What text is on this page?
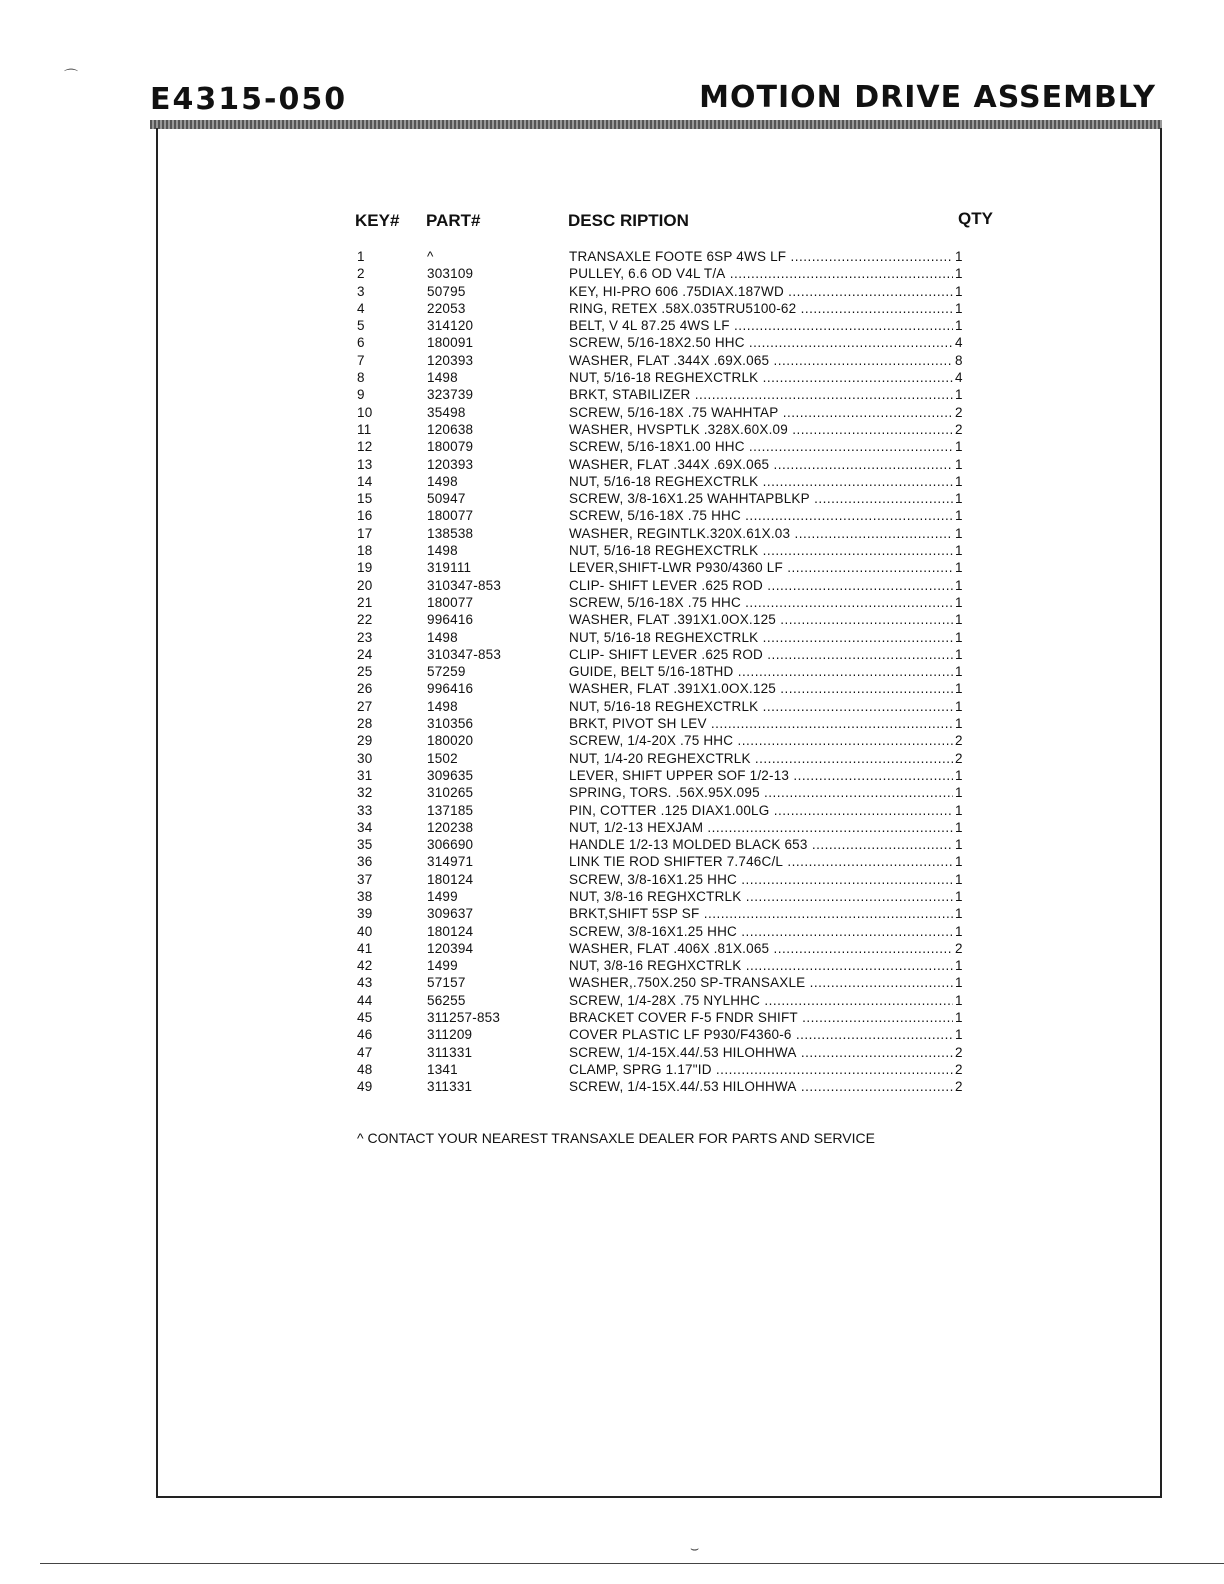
E4315-050	MOTION DRIVE ASSEMBLY
KEY# PART#	DESC RIPTION	QTY
1	^	TRANSAXLE FOOTE 6SP 4WS LF .....	1
2	303109	PULLEY, 6.6 OD V4L T/A .....	1
3	50795	KEY, HI-PRO 606 .75DIAX.187WD .....	1
4	22053	RING, RETEX .58X.035TRU5100-62 .....	1
5	314120	BELT, V 4L 87.25 4WS LF .....	1
6	180091	SCREW, 5/16-18X2.50 HHC .....	4
7	120393	WASHER, FLAT .344X .69X.065 .....	8
8	1498	NUT, 5/16-18 REGHEXCTRLK .....	4
9	323739	BRKT, STABILIZER .....	1
10	35498	SCREW, 5/16-18X .75 WAHHTAP .....	2
11	120638	WASHER, HVSPTLK .328X.60X.09 .....	2
12	180079	SCREW, 5/16-18X1.00 HHC .....	1
13	120393	WASHER, FLAT .344X .69X.065 .....	1
14	1498	NUT, 5/16-18 REGHEXCTRLK .....	1
15	50947	SCREW, 3/8-16X1.25 WAHHTAPBLKP .....	1
16	180077	SCREW, 5/16-18X .75 HHC .....	1
17	138538	WASHER, REGINTLK.320X.61X.03 .....	1
18	1498	NUT, 5/16-18 REGHEXCTRLK .....	1
19	319111	LEVER,SHIFT-LWR P930/4360 LF .....	1
20	310347-853	CLIP- SHIFT LEVER .625 ROD .....	1
21	180077	SCREW, 5/16-18X .75 HHC .....	1
22	996416	WASHER, FLAT .391X1.0OX.125 .....	1
23	1498	NUT, 5/16-18 REGHEXCTRLK .....	1
24	310347-853	CLIP- SHIFT LEVER .625 ROD .....	1
25	57259	GUIDE, BELT 5/16-18THD .....	1
26	996416	WASHER, FLAT .391X1.0OX.125 .....	1
27	1498	NUT, 5/16-18 REGHEXCTRLK .....	1
28	310356	BRKT, PIVOT SH LEV .....	1
29	180020	SCREW, 1/4-20X .75 HHC .....	2
30	1502	NUT, 1/4-20 REGHEXCTRLK .....	2
31	309635	LEVER, SHIFT UPPER SOF 1/2-13 .....	1
32	310265	SPRING, TORS. .56X.95X.095 .....	1
33	137185	PIN, COTTER .125 DIAX1.00LG .....	1
34	120238	NUT, 1/2-13 HEXJAM .....	1
35	306690	HANDLE 1/2-13 MOLDED BLACK 653 .....	1
36	314971	LINK TIE ROD SHIFTER 7.746C/L .....	1
37	180124	SCREW, 3/8-16X1.25 HHC .....	1
38	1499	NUT, 3/8-16 REGHXCTRLK .....	1
39	309637	BRKT,SHIFT 5SP SF .....	1
40	180124	SCREW, 3/8-16X1.25 HHC .....	1
41	120394	WASHER, FLAT .406X .81X.065 .....	2
42	1499	NUT, 3/8-16 REGHXCTRLK .....	1
43	57157	WASHER,.750X.250 SP-TRANSAXLE .....	1
44	56255	SCREW, 1/4-28X .75 NYLHHC .....	1
45	311257-853	BRACKET COVER F-5 FNDR SHIFT .....	1
46	311209	COVER PLASTIC LF P930/F4360-6 .....	1
47	311331	SCREW, 1/4-15X.44/.53 HILOHHWA .....	2
48	1341	CLAMP, SPRG 1.17"ID .....	2
49	311331	SCREW, 1/4-15X.44/.53 HILOHHWA .....	2
^ CONTACT YOUR NEAREST TRANSAXLE DEALER FOR PARTS AND SERVICE
⌒
⌣
